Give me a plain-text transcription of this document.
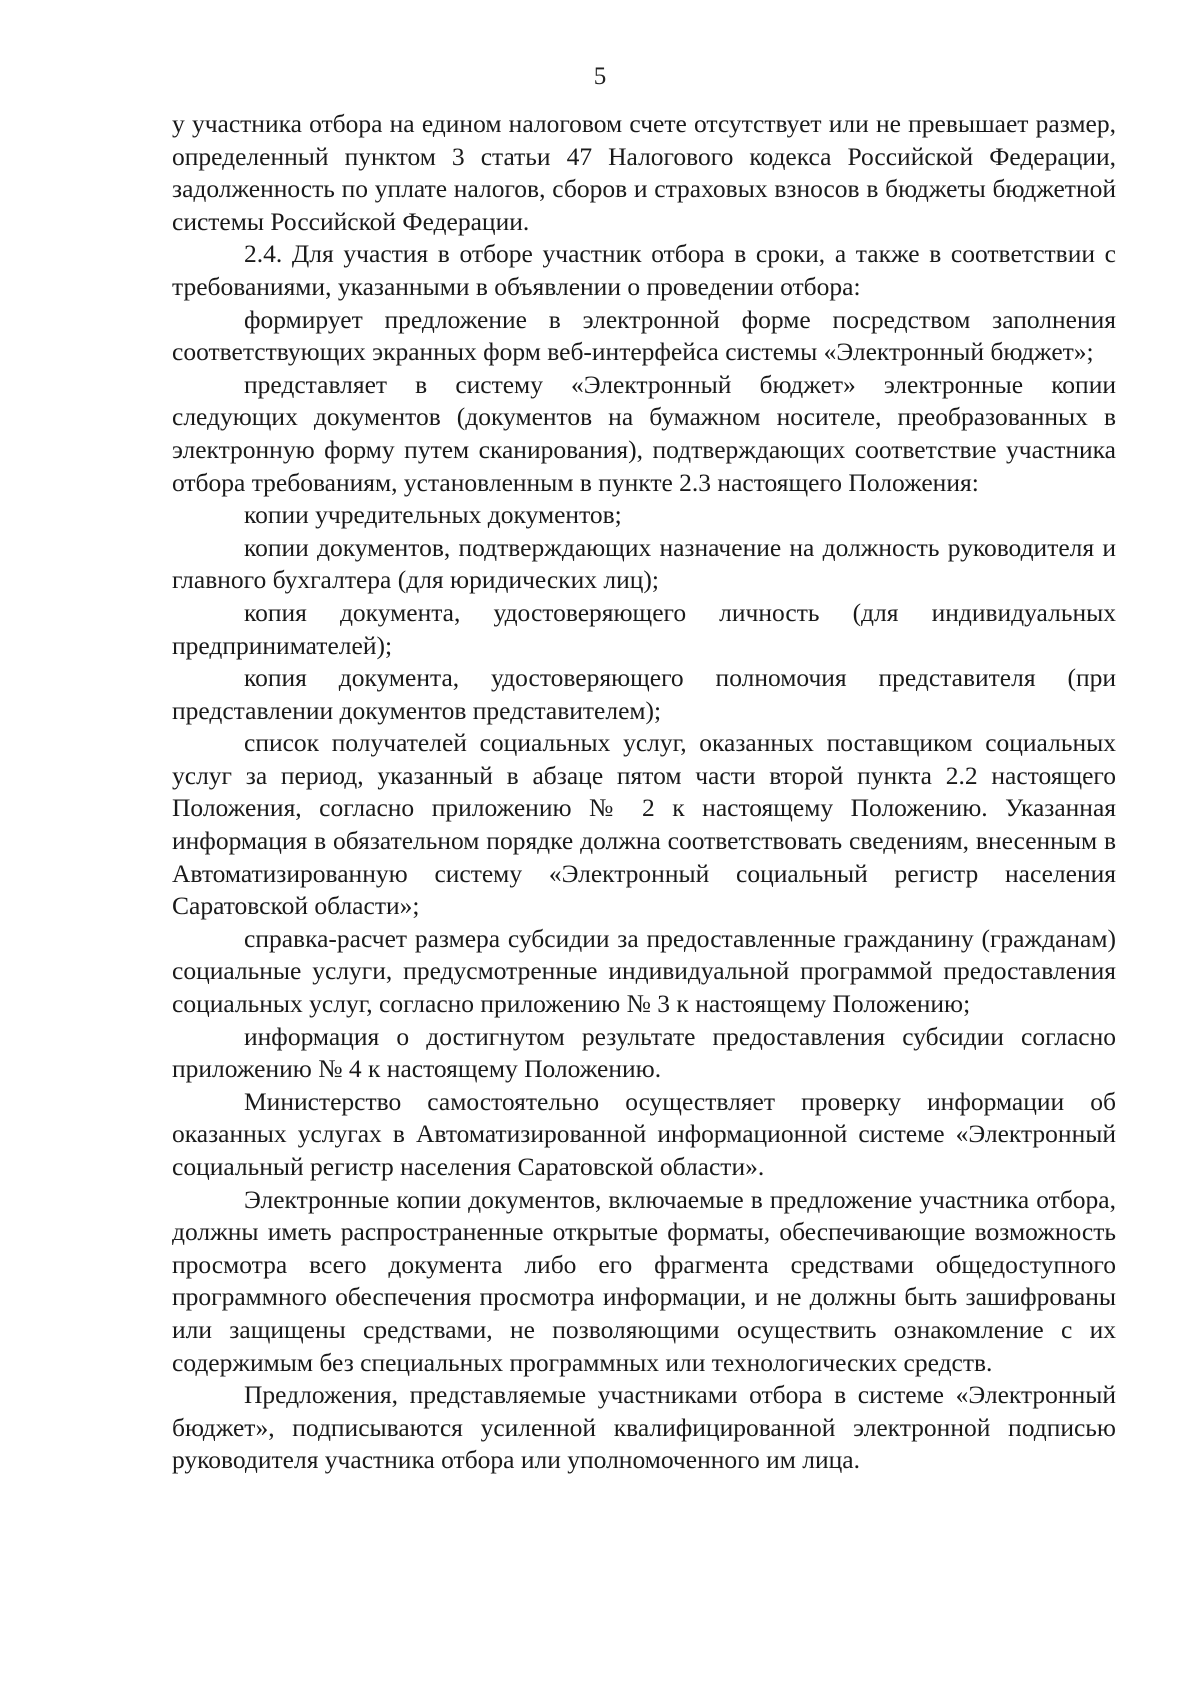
5

у участника отбора на едином налоговом счете отсутствует или не превышает размер, определенный пунктом 3 статьи 47 Налогового кодекса Российской Федерации, задолженность по уплате налогов, сборов и страховых взносов в бюджеты бюджетной системы Российской Федерации.

2.4. Для участия в отборе участник отбора в сроки, а также в соответствии с требованиями, указанными в объявлении о проведении отбора:

формирует предложение в электронной форме посредством заполнения соответствующих экранных форм веб-интерфейса системы «Электронный бюджет»;

представляет в систему «Электронный бюджет» электронные копии следующих документов (документов на бумажном носителе, преобразованных в электронную форму путем сканирования), подтверждающих соответствие участника отбора требованиям, установленным в пункте 2.3 настоящего Положения:

копии учредительных документов;

копии документов, подтверждающих назначение на должность руководителя и главного бухгалтера (для юридических лиц);

копия документа, удостоверяющего личность (для индивидуальных предпринимателей);

копия документа, удостоверяющего полномочия представителя (при представлении документов представителем);

список получателей социальных услуг, оказанных поставщиком социальных услуг за период, указанный в абзаце пятом части второй пункта 2.2 настоящего Положения, согласно приложению № 2 к настоящему Положению. Указанная информация в обязательном порядке должна соответствовать сведениям, внесенным в Автоматизированную систему «Электронный социальный регистр населения Саратовской области»;

справка-расчет размера субсидии за предоставленные гражданину (гражданам) социальные услуги, предусмотренные индивидуальной программой предоставления социальных услуг, согласно приложению № 3 к настоящему Положению;

информация о достигнутом результате предоставления субсидии согласно приложению № 4 к настоящему Положению.

Министерство самостоятельно осуществляет проверку информации об оказанных услугах в Автоматизированной информационной системе «Электронный социальный регистр населения Саратовской области».

Электронные копии документов, включаемые в предложение участника отбора, должны иметь распространенные открытые форматы, обеспечивающие возможность просмотра всего документа либо его фрагмента средствами общедоступного программного обеспечения просмотра информации, и не должны быть зашифрованы или защищены средствами, не позволяющими осуществить ознакомление с их содержимым без специальных программных или технологических средств.

Предложения, представляемые участниками отбора в системе «Электронный бюджет», подписываются усиленной квалифицированной электронной подписью руководителя участника отбора или уполномоченного им лица.
